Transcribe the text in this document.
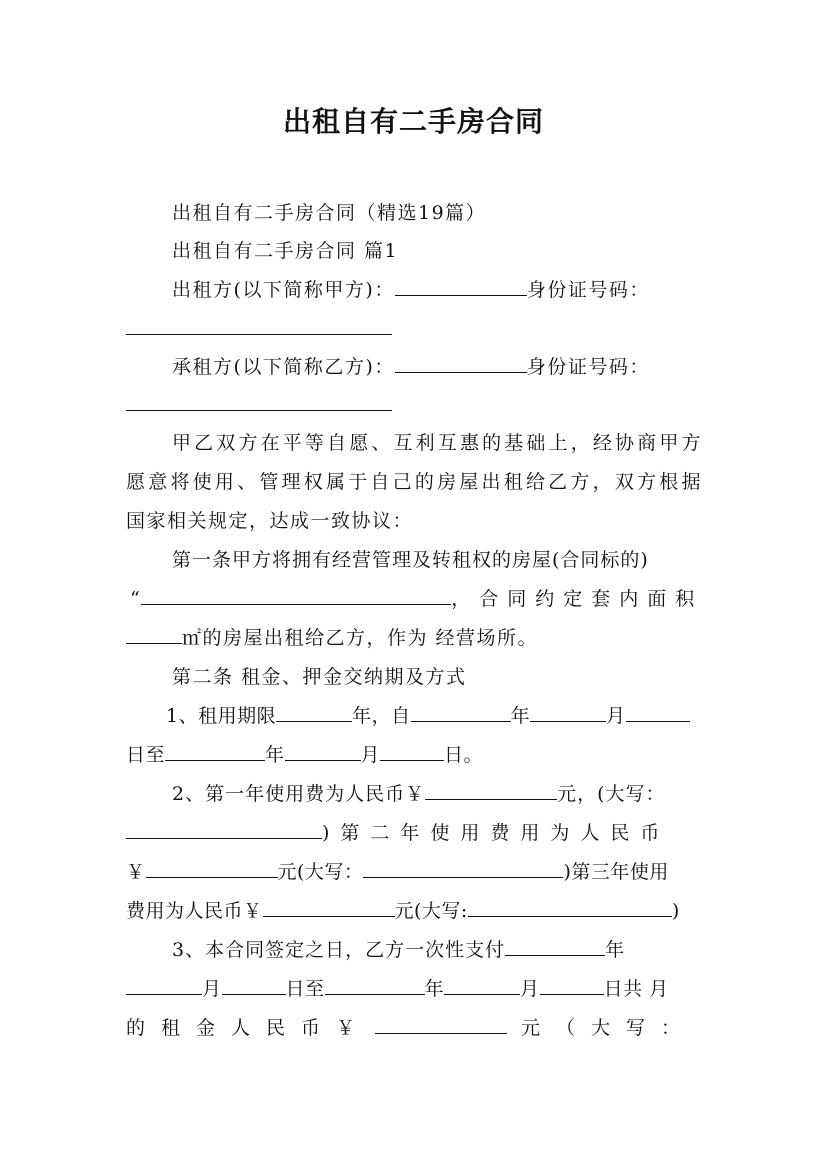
出租自有二手房合同
出租自有二手房合同（精选19篇）
出租自有二手房合同 篇1
出租方(以下简称甲方)：	身份证号码：
承租方(以下简称乙方)：	身份证号码：
甲乙双方在平等自愿、互利互惠的基础上，经协商甲方
愿意将使用、管理权属于自己的房屋出租给乙方，双方根据
国家相关规定，达成一致协议：
第一条甲方将拥有经营管理及转租权的房屋(合同标的)
“	，合同约定套内面积
㎡的房屋出租给乙方，作为 经营场所。
第二条 租金、押金交纳期及方式
1、租用期限	年，自	年	月
日至	年	月	日。
2、第一年使用费为人民币￥	元，(大写：
)第二年使用费用为人民币
￥	元(大写：	)第三年使用
费用为人民币￥	元(大写:	)
3、本合同签定之日，乙方一次性支付	年
月	日至	年	月	日共 月
的租金人民币￥	元（大写：
